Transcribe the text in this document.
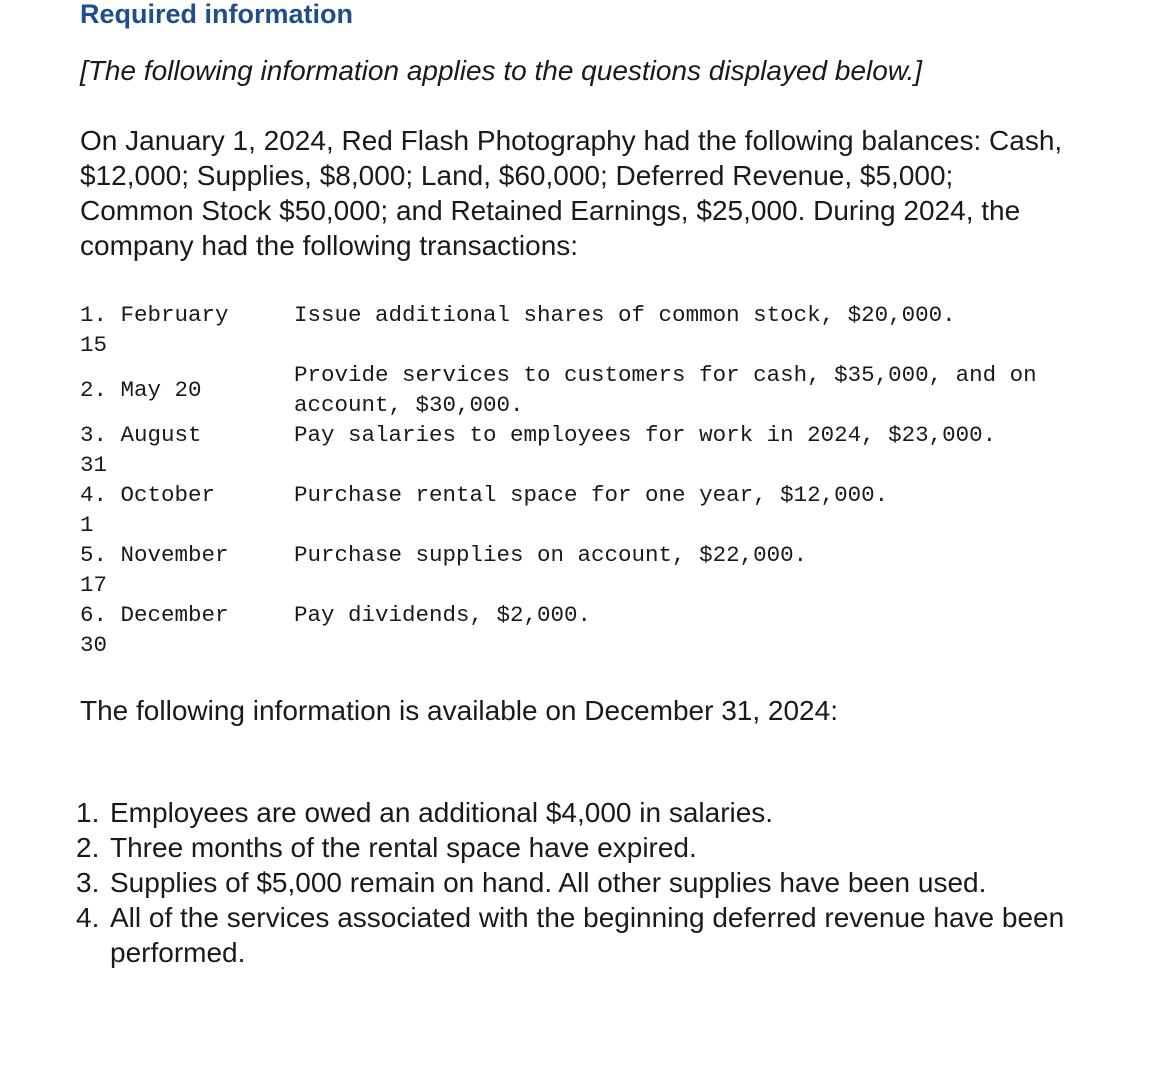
Required information
[The following information applies to the questions displayed below.]

On January 1, 2024, Red Flash Photography had the following balances: Cash, $12,000; Supplies, $8,000; Land, $60,000; Deferred Revenue, $5,000; Common Stock $50,000; and Retained Earnings, $25,000. During 2024, the company had the following transactions:

1. February
15	Issue additional shares of common stock, $20,000.
2. May 20	Provide services to customers for cash, $35,000, and on account, $30,000.
3. August
31	Pay salaries to employees for work in 2024, $23,000.
4. October
1	Purchase rental space for one year, $12,000.
5. November
17	Purchase supplies on account, $22,000.
6. December
30	Pay dividends, $2,000.
The following information is available on December 31, 2024:
1. Employees are owed an additional $4,000 in salaries.
2. Three months of the rental space have expired.
3. Supplies of $5,000 remain on hand. All other supplies have been used.
4. All of the services associated with the beginning deferred revenue have been performed.
